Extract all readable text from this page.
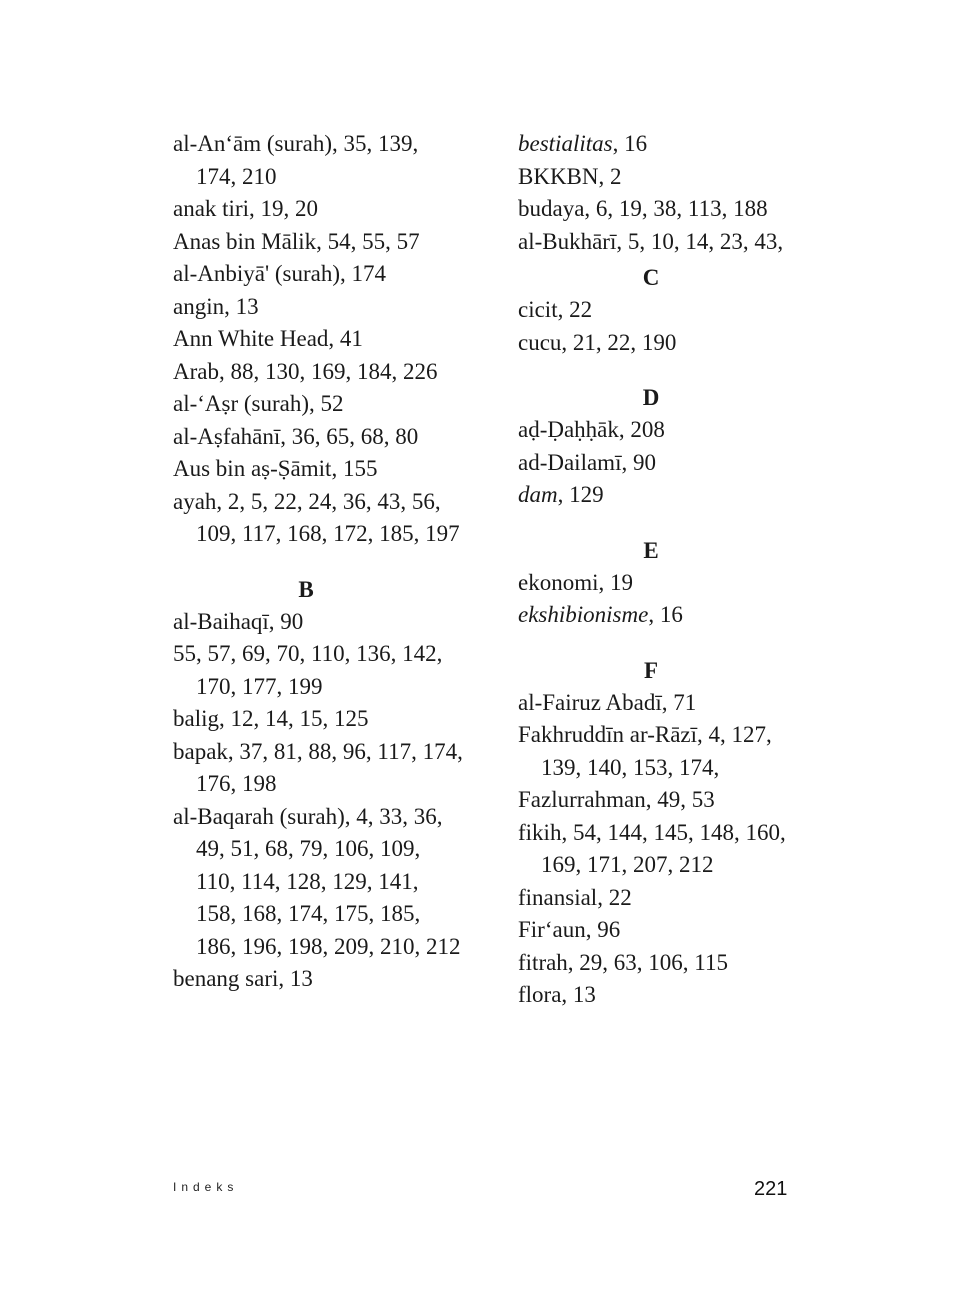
al-An‘ām (surah), 35, 139, 174, 210
anak tiri, 19, 20
Anas bin Mālik, 54, 55, 57
al-Anbiyā' (surah), 174
angin, 13
Ann White Head, 41
Arab, 88, 130, 169, 184, 226
al-‘Aṣr (surah), 52
al-Aṣfahānī, 36, 65, 68, 80
Aus bin aṣ-Ṣāmit, 155
ayah, 2, 5, 22, 24, 36, 43, 56, 109, 117, 168, 172, 185, 197
B
al-Baihaqī, 90
55, 57, 69, 70, 110, 136, 142, 170, 177, 199
balig, 12, 14, 15, 125
bapak, 37, 81, 88, 96, 117, 174, 176, 198
al-Baqarah (surah), 4, 33, 36, 49, 51, 68, 79, 106, 109, 110, 114, 128, 129, 141, 158, 168, 174, 175, 185, 186, 196, 198, 209, 210, 212
benang sari, 13
bestialitas, 16
BKKBN, 2
budaya, 6, 19, 38, 113, 188
al-Bukhārī, 5, 10, 14, 23, 43,
C
cicit, 22
cucu, 21, 22, 190
D
aḍ-Ḍaḥḥāk, 208
ad-Dailamī, 90
dam, 129
E
ekonomi, 19
ekshibionisme, 16
F
al-Fairuz Abadī, 71
Fakhruddīn ar-Rāzī, 4, 127, 139, 140, 153, 174,
Fazlurrahman, 49, 53
fikih, 54, 144, 145, 148, 160, 169, 171, 207, 212
finansial, 22
Fir‘aun, 96
fitrah, 29, 63, 106, 115
flora, 13
Indeks	221
